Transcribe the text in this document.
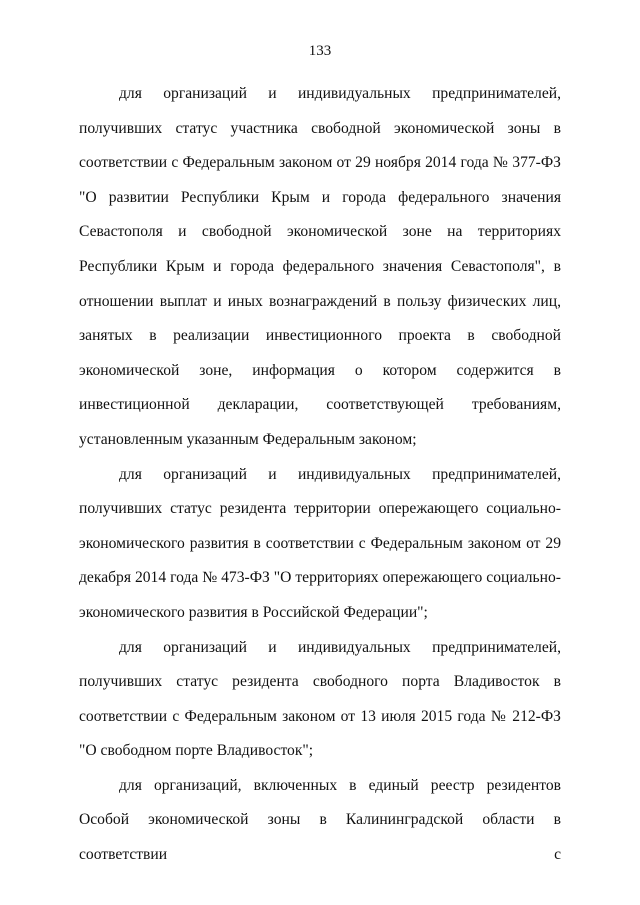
133

для организаций и индивидуальных предпринимателей, получивших статус участника свободной экономической зоны в соответствии с Федеральным законом от 29 ноября 2014 года № 377-ФЗ "О развитии Республики Крым и города федерального значения Севастополя и свободной экономической зоне на территориях Республики Крым и города федерального значения Севастополя", в отношении выплат и иных вознаграждений в пользу физических лиц, занятых в реализации инвестиционного проекта в свободной экономической зоне, информация о котором содержится в инвестиционной декларации, соответствующей требованиям, установленным указанным Федеральным законом;

для организаций и индивидуальных предпринимателей, получивших статус резидента территории опережающего социально-экономического развития в соответствии с Федеральным законом от 29 декабря 2014 года № 473-ФЗ "О территориях опережающего социально-экономического развития в Российской Федерации";

для организаций и индивидуальных предпринимателей, получивших статус резидента свободного порта Владивосток в соответствии с Федеральным законом от 13 июля 2015 года № 212-ФЗ "О свободном порте Владивосток";

для организаций, включенных в единый реестр резидентов Особой экономической зоны в Калининградской области в соответствии с
